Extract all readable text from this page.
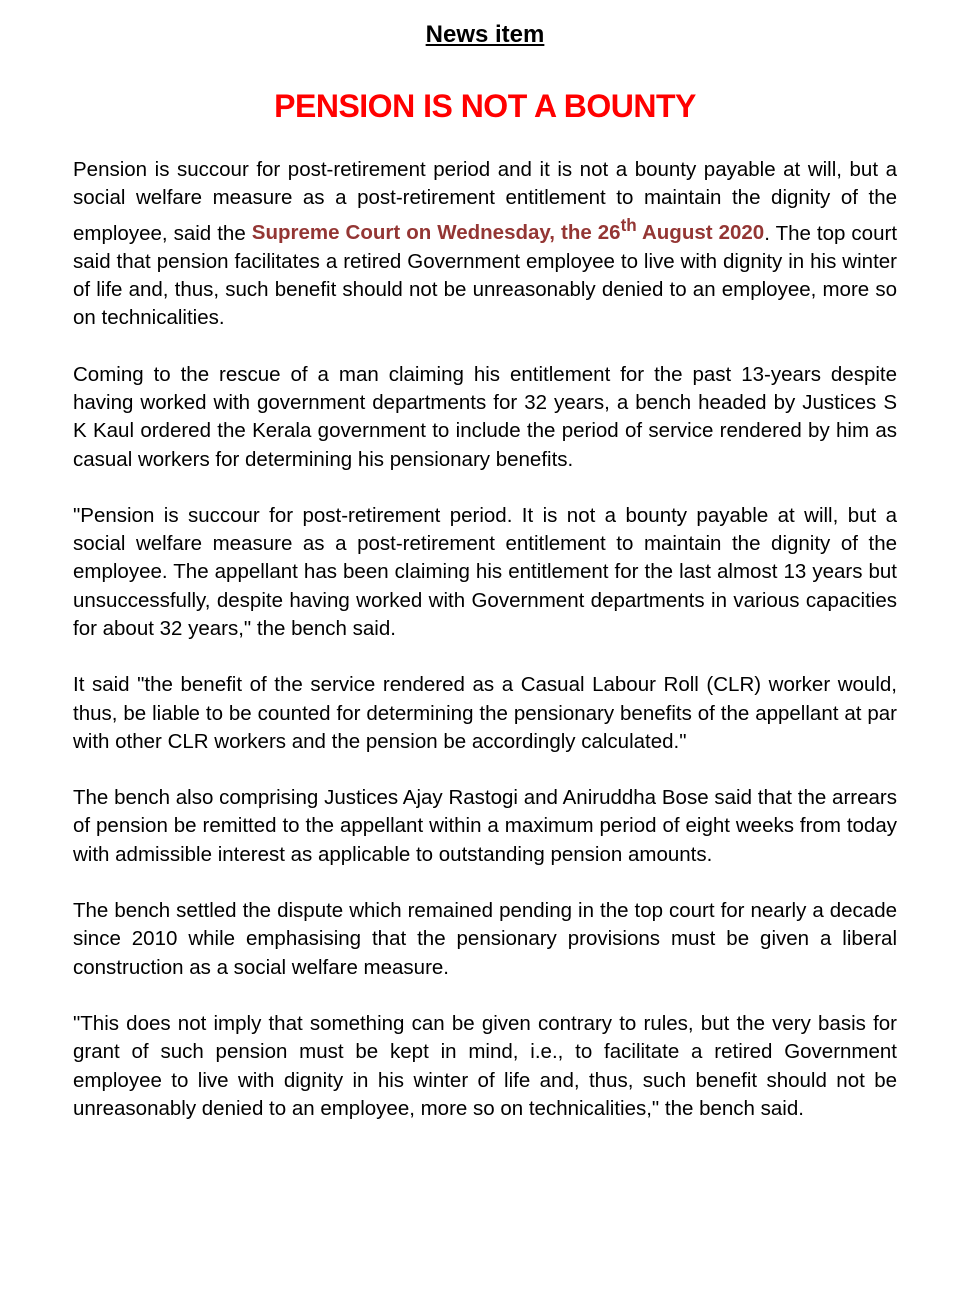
News item

PENSION IS NOT A BOUNTY

Pension is succour for post-retirement period and it is not a bounty payable at will, but a social welfare measure as a post-retirement entitlement to maintain the dignity of the employee, said the Supreme Court on Wednesday, the 26th August 2020. The top court said that pension facilitates a retired Government employee to live with dignity in his winter of life and, thus, such benefit should not be unreasonably denied to an employee, more so on technicalities.

Coming to the rescue of a man claiming his entitlement for the past 13-years despite having worked with government departments for 32 years, a bench headed by Justices S K Kaul ordered the Kerala government to include the period of service rendered by him as casual workers for determining his pensionary benefits.

"Pension is succour for post-retirement period. It is not a bounty payable at will, but a social welfare measure as a post-retirement entitlement to maintain the dignity of the employee. The appellant has been claiming his entitlement for the last almost 13 years but unsuccessfully, despite having worked with Government departments in various capacities for about 32 years," the bench said.

It said "the benefit of the service rendered as a Casual Labour Roll (CLR) worker would, thus, be liable to be counted for determining the pensionary benefits of the appellant at par with other CLR workers and the pension be accordingly calculated."

The bench also comprising Justices Ajay Rastogi and Aniruddha Bose said that the arrears of pension be remitted to the appellant within a maximum period of eight weeks from today with admissible interest as applicable to outstanding pension amounts.

The bench settled the dispute which remained pending in the top court for nearly a decade since 2010 while emphasising that the pensionary provisions must be given a liberal construction as a social welfare measure.

"This does not imply that something can be given contrary to rules, but the very basis for grant of such pension must be kept in mind, i.e., to facilitate a retired Government employee to live with dignity in his winter of life and, thus, such benefit should not be unreasonably denied to an employee, more so on technicalities," the bench said.
